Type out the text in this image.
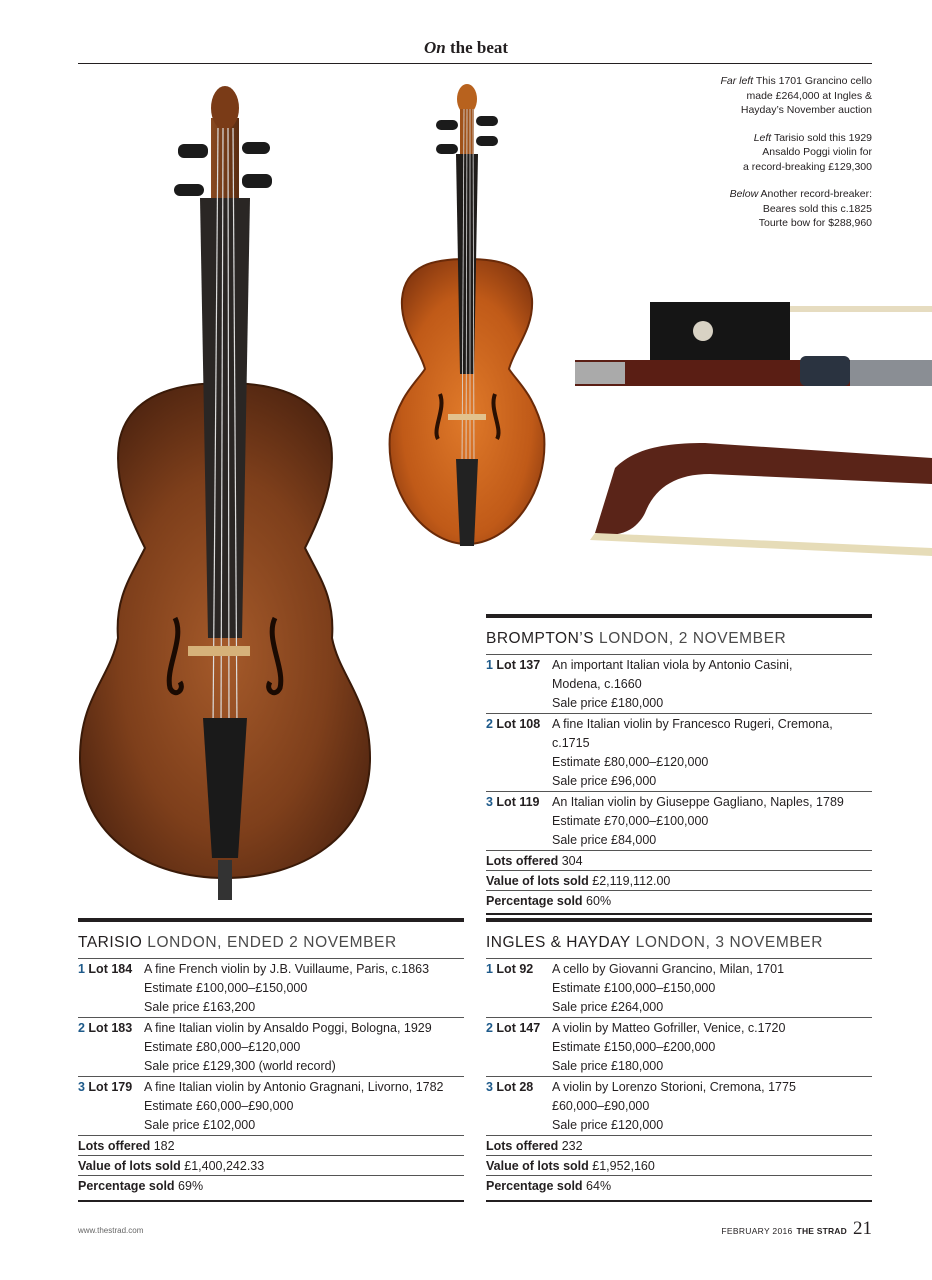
On the beat

Far left This 1701 Grancino cello
made £264,000 at Ingles &
Hayday’s November auction

Left Tarisio sold this 1929
Ansaldo Poggi violin for
a record-breaking £129,300

Below Another record-breaker:
Beares sold this c.1825
Tourte bow for $288,960

BROMPTON’S LONDON, 2 NOVEMBER
1 Lot 137 An important Italian viola by Antonio Casini,
Modena, c.1660
Sale price £180,000
2 Lot 108 A fine Italian violin by Francesco Rugeri, Cremona, c.1715
Estimate £80,000–£120,000
Sale price £96,000
3 Lot 119	An Italian violin by Giuseppe Gagliano, Naples, 1789
Estimate £70,000–£100,000
Sale price £84,000
Lots offered 304
Value of lots sold £2,119,112.00
Percentage sold 60%
TARISIO LONDON, ENDED 2 NOVEMBER
1 Lot 184 A fine French violin by J.B. Vuillaume, Paris, c.1863
Estimate £100,000–£150,000
Sale price £163,200
2 Lot 183 A fine Italian violin by Ansaldo Poggi, Bologna, 1929
Estimate £80,000–£120,000
Sale price £129,300 (world record)
3 Lot 179 A fine Italian violin by Antonio Gragnani, Livorno, 1782
Estimate £60,000–£90,000
Sale price £102,000
Lots offered 182
Value of lots sold £1,400,242.33
Percentage sold 69%
INGLES & HAYDAY LONDON, 3 NOVEMBER
1 Lot 92	A cello by Giovanni Grancino, Milan, 1701
Estimate £100,000–£150,000
Sale price £264,000
2 Lot 147 A violin by Matteo Gofriller, Venice, c.1720
Estimate £150,000–£200,000
Sale price £180,000
3 Lot 28	A violin by Lorenzo Storioni, Cremona, 1775
£60,000–£90,000
Sale price £120,000
Lots offered 232
Value of lots sold £1,952,160
Percentage sold 64%
www.thestrad.com	FEBRUARY 2016 THE STRAD 21
